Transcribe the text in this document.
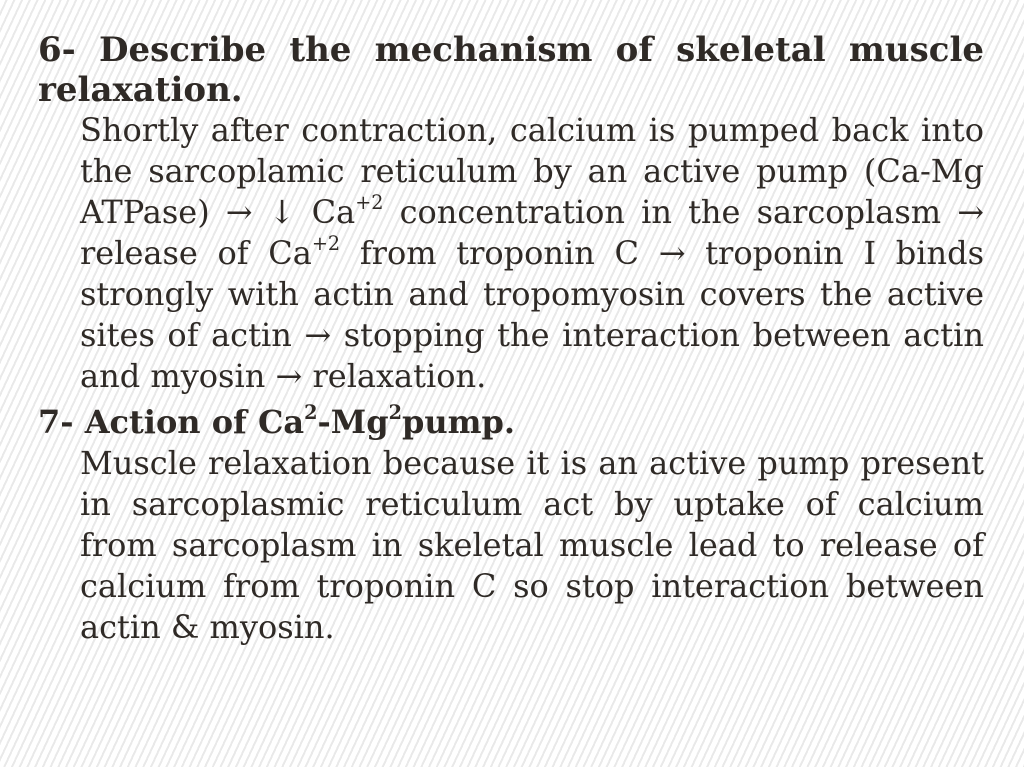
6- Describe the mechanism of skeletal muscle relaxation.

Shortly after contraction, calcium is pumped back into the sarcoplamic reticulum by an active pump (Ca-Mg ATPase) → ↓ $Ca^{+2}$ concentration in the sarcoplasm → release of $Ca^{+2}$ from troponin C → troponin I binds strongly with actin and tropomyosin covers the active sites of actin → stopping the interaction between actin and myosin → relaxation.

7- Action of Ca$^2$-Mg$^2$pump.

Muscle relaxation because it is an active pump present in sarcoplasmic reticulum act by uptake of calcium from sarcoplasm in skeletal muscle lead to release of calcium from troponin C so stop interaction between actin & myosin.
